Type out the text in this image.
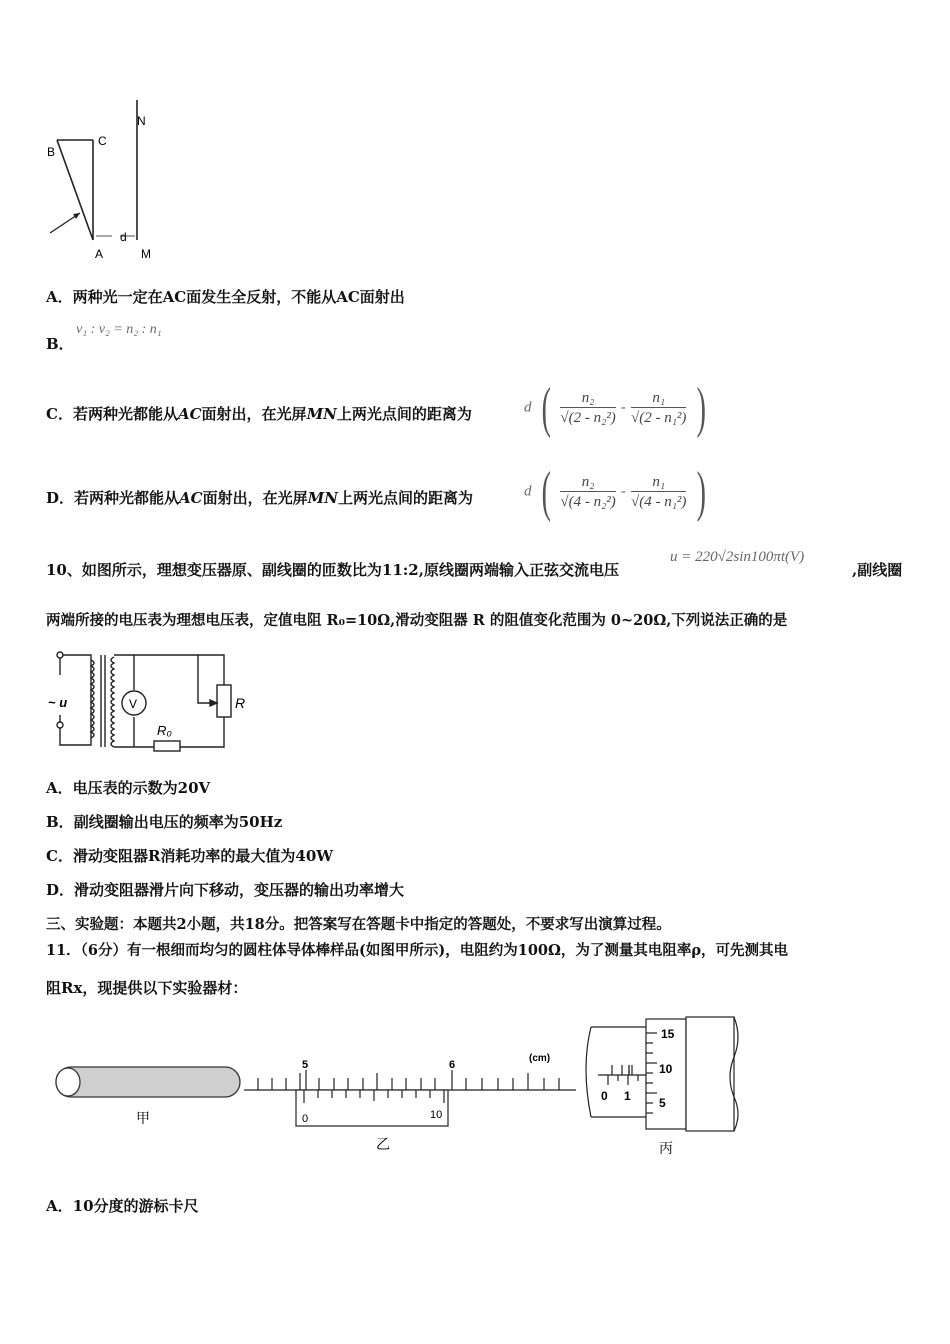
B
C
N
d
A	M
A．两种光一定在AC面发生全反射，不能从AC面射出
B．
v₁ : v₂ = n₂ : n₁
C．若两种光都能从AC面射出，在光屏MN上两光点间的距离为	d ( $\frac{\text{n₂}}{\text{√(2 - n₂²)}} - \frac{\text{n₁}}{\text{√(2 - n₁²)}}$ )
D．若两种光都能从AC面射出，在光屏MN上两光点间的距离为	d ( $\frac{\text{n₂}}{\text{√(4 - n₂²)}} - \frac{\text{n₁}}{\text{√(4 - n₁²)}}$ )
10、如图所示，理想变压器原、副线圈的匝数比为11:2,原线圈两端输入正弦交流电压
u = 220√2sin100πt(V)
,副线圈
两端所接的电压表为理想电压表，定值电阻 R₀=10Ω,滑动变阻器 R 的阻值变化范围为 0~20Ω,下列说法正确的是
~ u	V	R
R₀
A．电压表的示数为20V
B．副线圈输出电压的频率为50Hz
C．滑动变阻器R消耗功率的最大值为40W
D．滑动变阻器滑片向下移动，变压器的输出功率增大
三、实验题：本题共2小题，共18分。把答案写在答题卡中指定的答题处，不要求写出演算过程。
11．（6分）有一根细而均匀的圆柱体导体棒样品(如图甲所示)，电阻约为100Ω，为了测量其电阻率ρ，可先测其电
阻Rx，现提供以下实验器材：
甲
5	6
(cm)
0	10
乙
15
10
5
0 1
丙
A．10分度的游标卡尺
